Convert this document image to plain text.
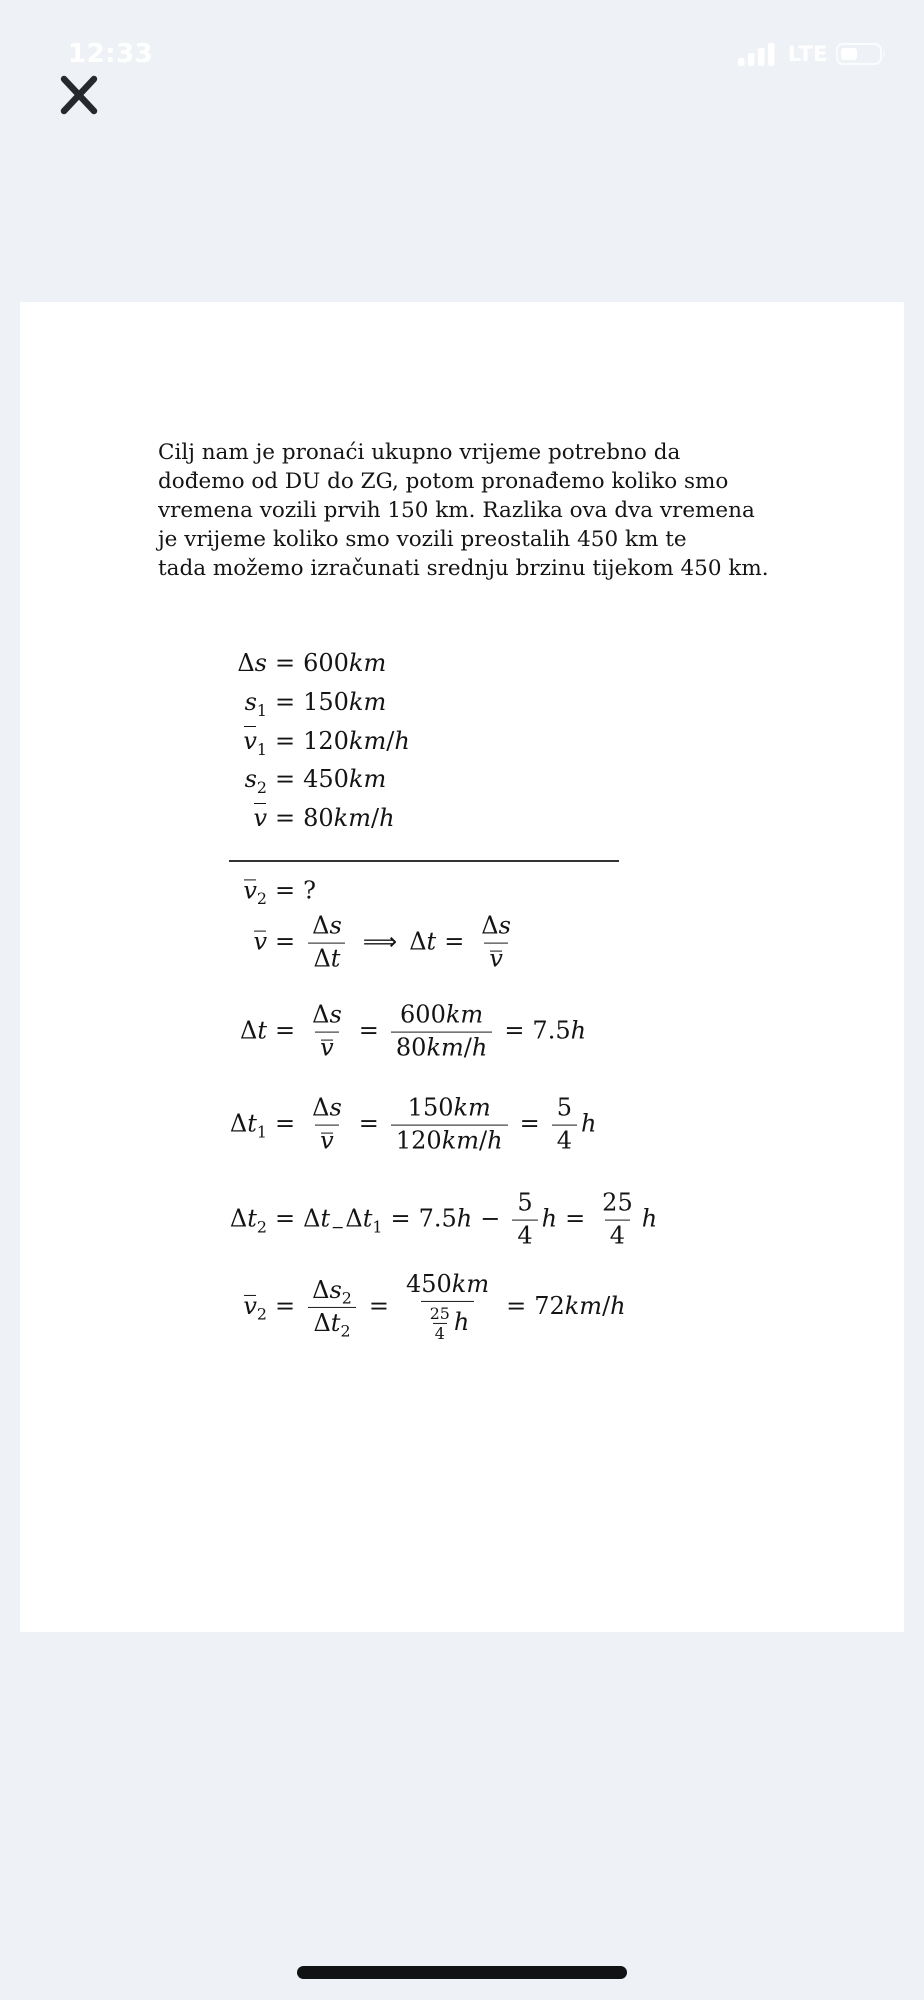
12:33	LTE
Cilj nam je pronaći ukupno vrijeme potrebno da
dođemo od DU do ZG, potom pronađemo koliko smo
vremena vozili prvih 150 km. Razlika ova dva vremena
je vrijeme koliko smo vozili preostalih 450 km te
tada možemo izračunati srednju brzinu tijekom 450 km.
Δs = 600km
$s_1 = 150km$
$v_1 = 120km/h$
$s_2 = 450km$
v = 80km/h
$v_2$ = ?
$v = \frac{\Delta s}{\Delta t}$ ⟹ $\Delta t = \frac{\Delta s}{v}$
$\Delta t = \frac{\Delta s}{v} = \frac{600km}{80km/h} = 7.5h$
$\Delta t_1 = \frac{\Delta s}{v} = \frac{150km}{120km/h} = \frac{5}{4}$ h
$\Delta t_2 = \Delta t_-\Delta t_1 = 7.5h - \frac{5}{4}$ $h = \frac{25}{4}$ h
$v_2 = \frac{\Delta s_2}{\Delta t_2} = \frac{450km}{\frac{25}{4} h} = 72km/h$
